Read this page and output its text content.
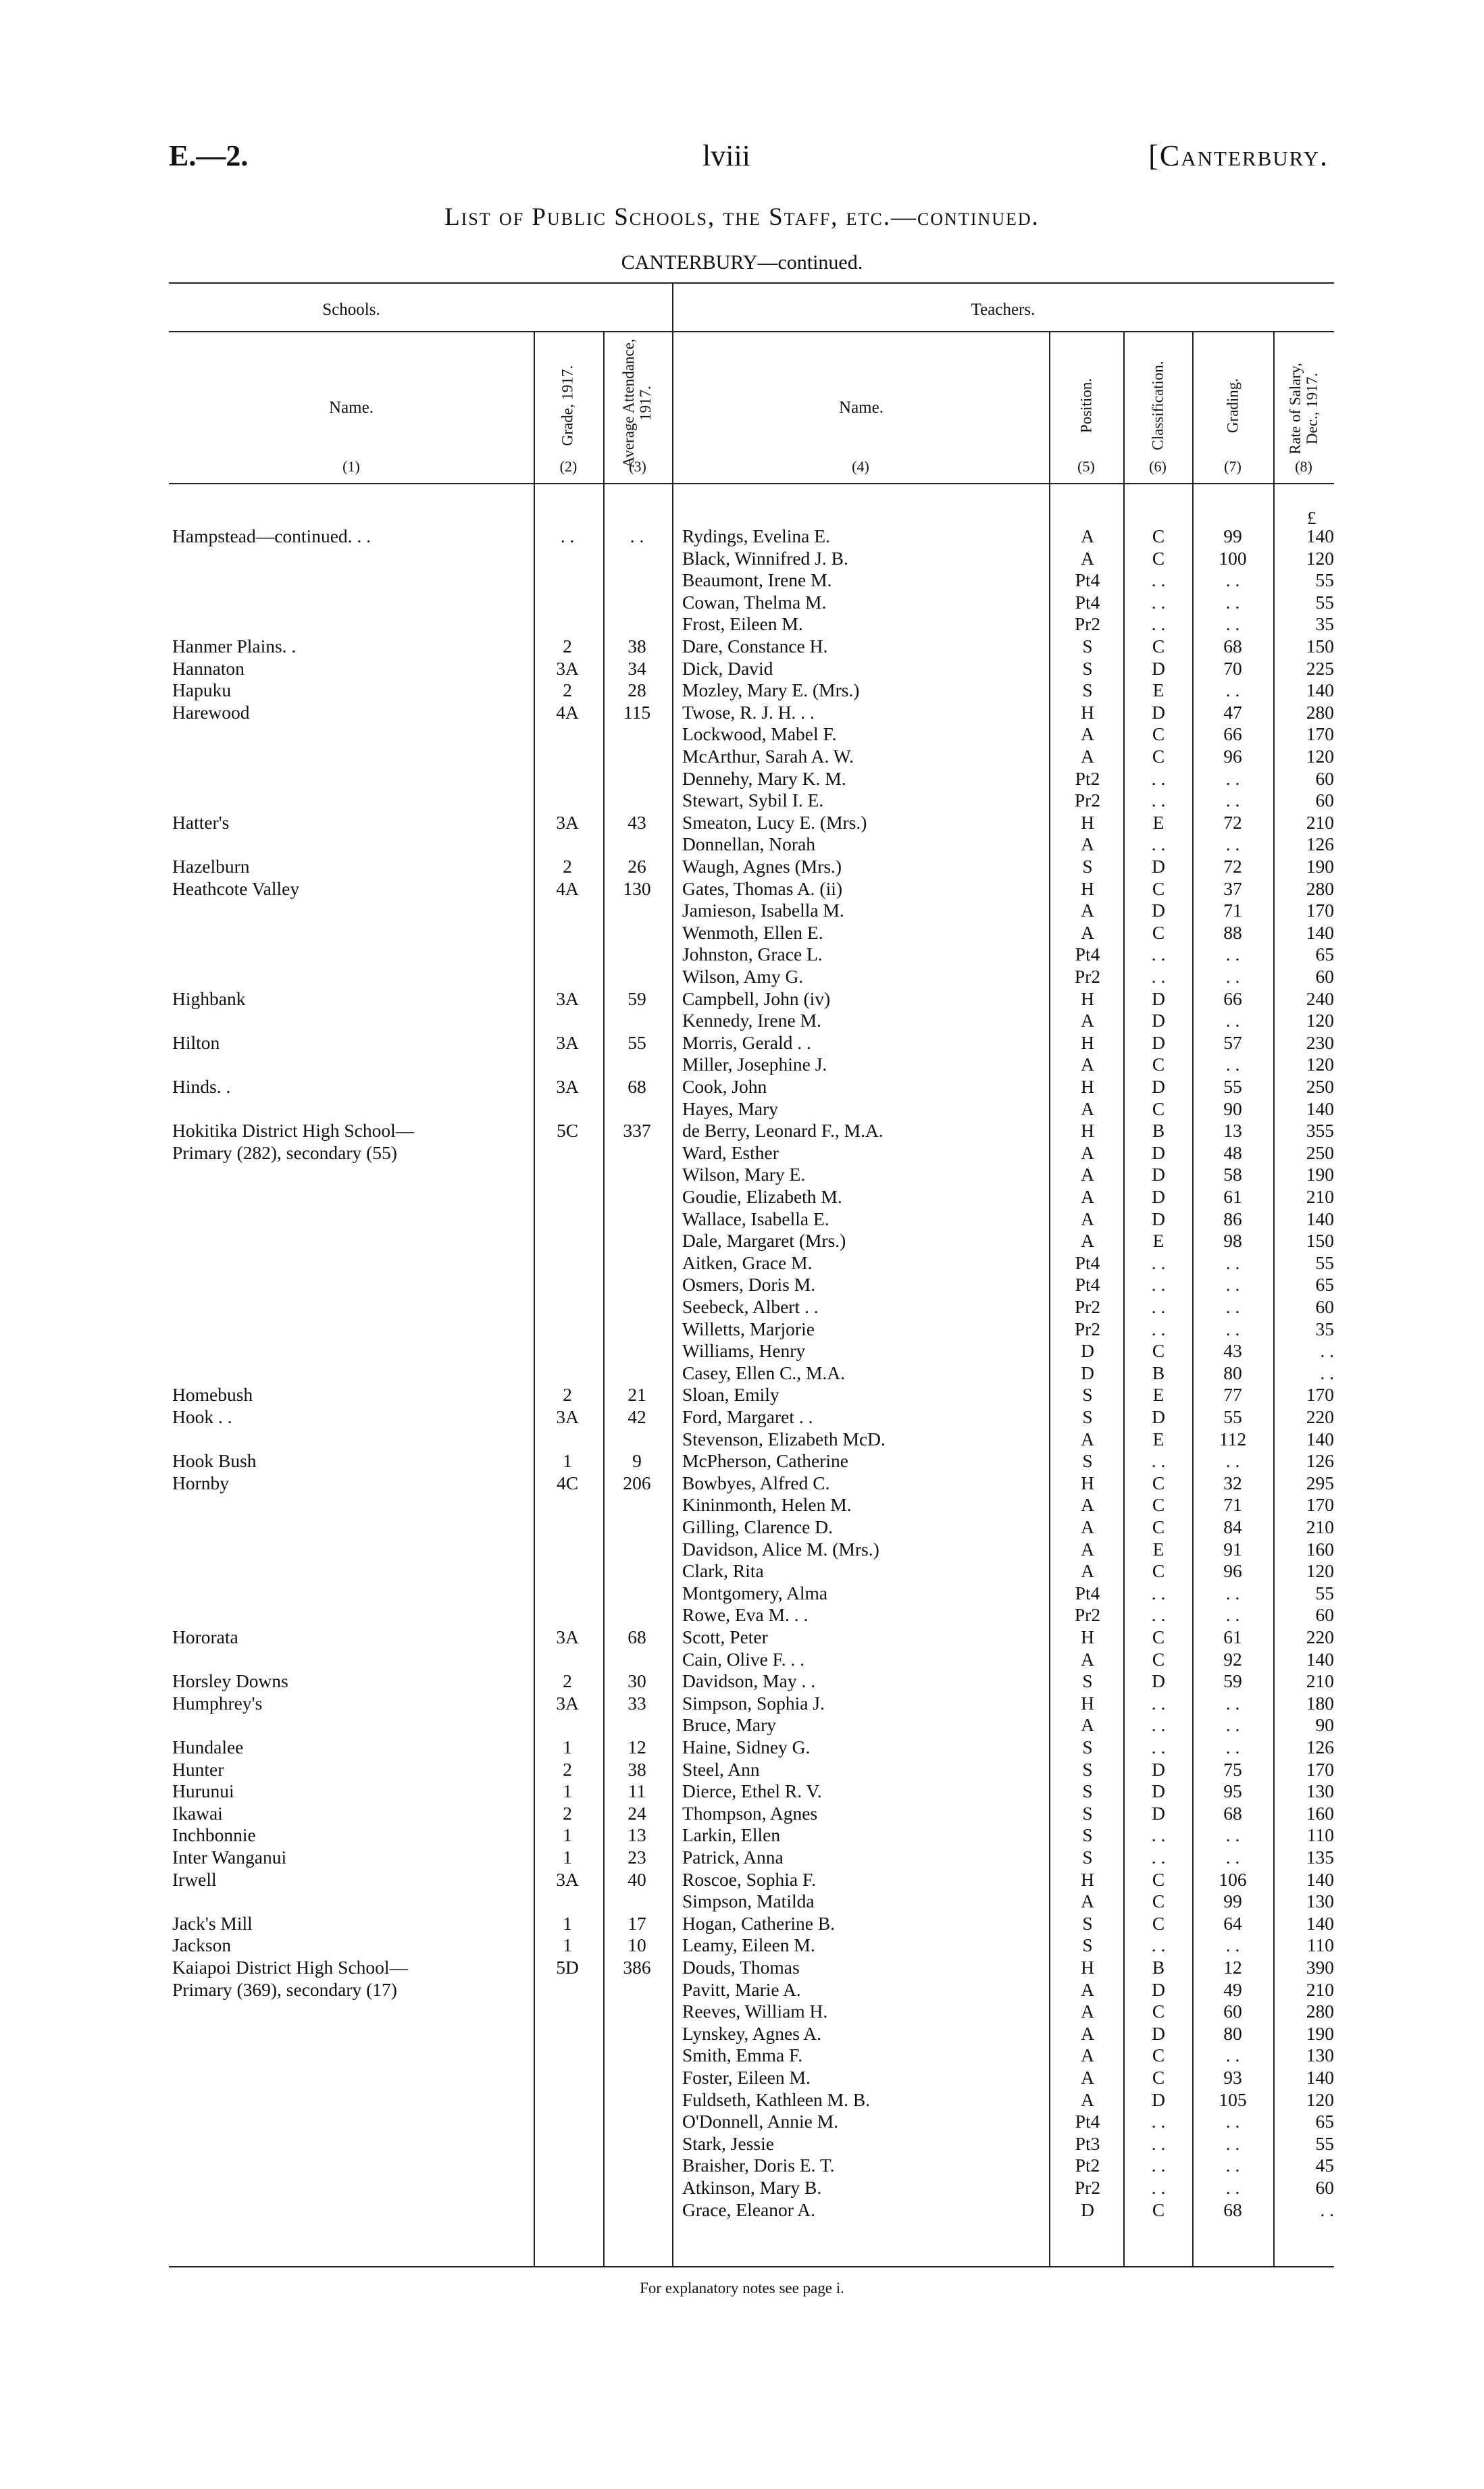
E.—2.	lviii	[Canterbury.
List of Public Schools, the Staff, etc.—continued.
CANTERBURY—continued.
Schools.	Teachers.
Name.	Grade, 1917.	Average Attendance, 1917.	Name.	Position.	Classification.	Grading.	Rate of Salary, Dec., 1917.
(1)	(2)	(3)	(4)	(5)	(6)	(7)	(8)
£
Hampstead—continued. . .	. .	. .	Rydings, Evelina E.	A	C	99	140
Black, Winnifred J. B.	A	C	100	120
Beaumont, Irene M.	Pt4	. .	. .	55
Cowan, Thelma M.	Pt4	. .	. .	55
Frost, Eileen M.	Pr2	. .	. .	35
Hanmer Plains. .	2	38	Dare, Constance H.	S	C	68	150
Hannaton	3A	34	Dick, David	S	D	70	225
Hapuku	2	28	Mozley, Mary E. (Mrs.)	S	E	. .	140
Harewood	4A	115	Twose, R. J. H. . .	H	D	47	280
Lockwood, Mabel F.	A	C	66	170
McArthur, Sarah A. W.	A	C	96	120
Dennehy, Mary K. M.	Pt2	. .	. .	60
Stewart, Sybil I. E.	Pr2	. .	. .	60
Hatter's	3A	43	Smeaton, Lucy E. (Mrs.)	H	E	72	210
Donnellan, Norah	A	. .	. .	126
Hazelburn	2	26	Waugh, Agnes (Mrs.)	S	D	72	190
Heathcote Valley	4A	130	Gates, Thomas A. (ii)	H	C	37	280
Jamieson, Isabella M.	A	D	71	170
Wenmoth, Ellen E.	A	C	88	140
Johnston, Grace L.	Pt4	. .	. .	65
Wilson, Amy G.	Pr2	. .	. .	60
Highbank	3A	59	Campbell, John (iv)	H	D	66	240
Kennedy, Irene M.	A	D	. .	120
Hilton	3A	55	Morris, Gerald . .	H	D	57	230
Miller, Josephine J.	A	C	. .	120
Hinds. .	3A	68	Cook, John	H	D	55	250
Hayes, Mary	A	C	90	140
Hokitika District High School—	5C	337	de Berry, Leonard F., M.A.	H	B	13	355
Primary (282), secondary (55)	Ward, Esther	A	D	48	250
Wilson, Mary E.	A	D	58	190
Goudie, Elizabeth M.	A	D	61	210
Wallace, Isabella E.	A	D	86	140
Dale, Margaret (Mrs.)	A	E	98	150
Aitken, Grace M.	Pt4	. .	. .	55
Osmers, Doris M.	Pt4	. .	. .	65
Seebeck, Albert . .	Pr2	. .	. .	60
Willetts, Marjorie	Pr2	. .	. .	35
Williams, Henry	D	C	43	. .
Casey, Ellen C., M.A.	D	B	80	. .
Homebush	2	21	Sloan, Emily	S	E	77	170
Hook . .	3A	42	Ford, Margaret . .	S	D	55	220
Stevenson, Elizabeth McD.	A	E	112	140
Hook Bush	1	9	McPherson, Catherine	S	. .	. .	126
Hornby	4C	206	Bowbyes, Alfred C.	H	C	32	295
Kininmonth, Helen M.	A	C	71	170
Gilling, Clarence D.	A	C	84	210
Davidson, Alice M. (Mrs.)	A	E	91	160
Clark, Rita	A	C	96	120
Montgomery, Alma	Pt4	. .	. .	55
Rowe, Eva M. . .	Pr2	. .	. .	60
Hororata	3A	68	Scott, Peter	H	C	61	220
Cain, Olive F. . .	A	C	92	140
Horsley Downs	2	30	Davidson, May . .	S	D	59	210
Humphrey's	3A	33	Simpson, Sophia J.	H	. .	. .	180
Bruce, Mary	A	. .	. .	90
Hundalee	1	12	Haine, Sidney G.	S	. .	. .	126
Hunter	2	38	Steel, Ann	S	D	75	170
Hurunui	1	11	Dierce, Ethel R. V.	S	D	95	130
Ikawai	2	24	Thompson, Agnes	S	D	68	160
Inchbonnie	1	13	Larkin, Ellen	S	. .	. .	110
Inter Wanganui	1	23	Patrick, Anna	S	. .	. .	135
Irwell	3A	40	Roscoe, Sophia F.	H	C	106	140
Simpson, Matilda	A	C	99	130
Jack's Mill	1	17	Hogan, Catherine B.	S	C	64	140
Jackson	1	10	Leamy, Eileen M.	S	. .	. .	110
Kaiapoi District High School—	5D	386	Douds, Thomas	H	B	12	390
Primary (369), secondary (17)	Pavitt, Marie A.	A	D	49	210
Reeves, William H.	A	C	60	280
Lynskey, Agnes A.	A	D	80	190
Smith, Emma F.	A	C	. .	130
Foster, Eileen M.	A	C	93	140
Fuldseth, Kathleen M. B.	A	D	105	120
O'Donnell, Annie M.	Pt4	. .	. .	65
Stark, Jessie	Pt3	. .	. .	55
Braisher, Doris E. T.	Pt2	. .	. .	45
Atkinson, Mary B.	Pr2	. .	. .	60
Grace, Eleanor A.	D	C	68	. .
For explanatory notes see page i.
